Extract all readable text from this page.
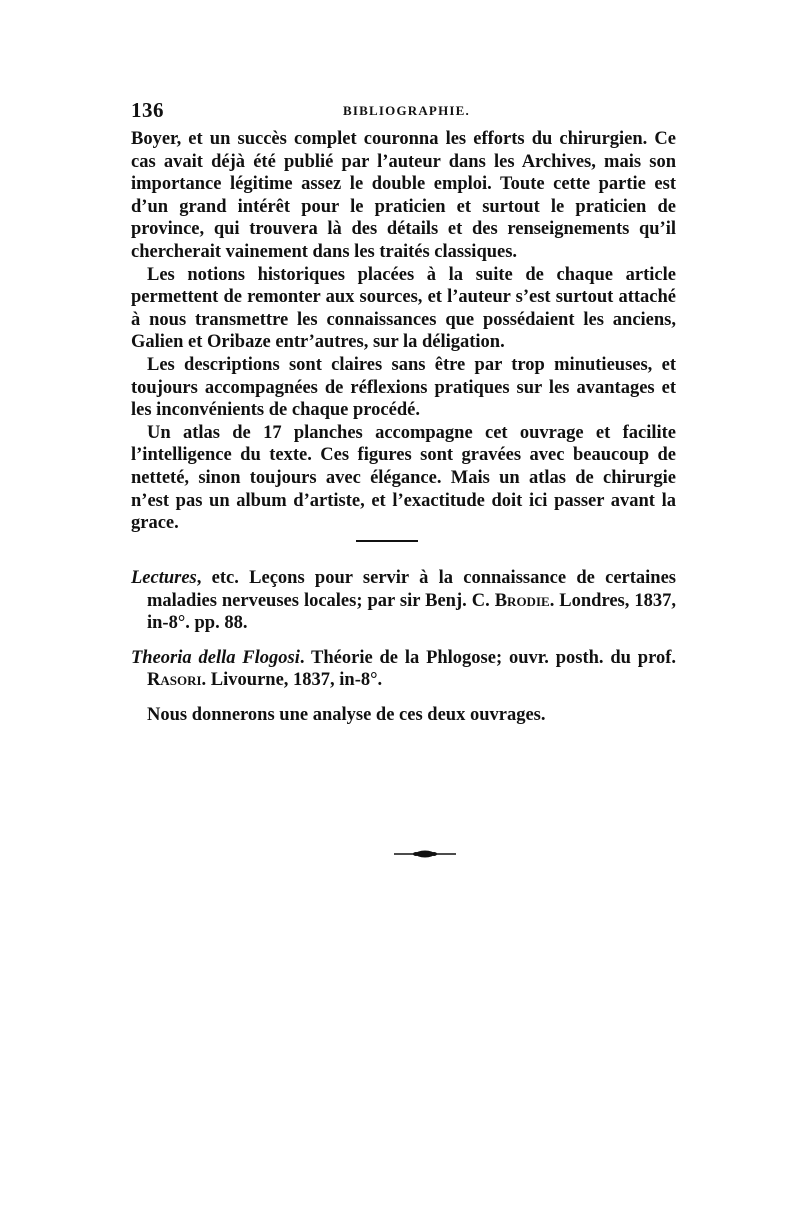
136	BIBLIOGRAPHIE.

Boyer, et un succès complet couronna les efforts du chirurgien. Ce cas avait déjà été publié par l’auteur dans les Archives, mais son importance légitime assez le double emploi. Toute cette partie est d’un grand intérêt pour le praticien et surtout le praticien de province, qui trouvera là des détails et des renseignements qu’il chercherait vainement dans les traités classiques.

Les notions historiques placées à la suite de chaque article permettent de remonter aux sources, et l’auteur s’est surtout attaché à nous transmettre les connaissances que possédaient les anciens, Galien et Oribaze entr’autres, sur la déligation.

Les descriptions sont claires sans être par trop minutieuses, et toujours accompagnées de réflexions pratiques sur les avantages et les inconvénients de chaque procédé.

Un atlas de 17 planches accompagne cet ouvrage et facilite l’intelligence du texte. Ces figures sont gravées avec beaucoup de netteté, sinon toujours avec élégance. Mais un atlas de chirurgie n’est pas un album d’artiste, et l’exactitude doit ici passer avant la grace.

Lectures, etc. Leçons pour servir à la connaissance de certaines maladies nerveuses locales; par sir Benj. C. Brodie. Londres, 1837, in-8°. pp. 88.

Theoria della Flogosi. Théorie de la Phlogose; ouvr. posth. du prof. Rasori. Livourne, 1837, in-8°.

Nous donnerons une analyse de ces deux ouvrages.
